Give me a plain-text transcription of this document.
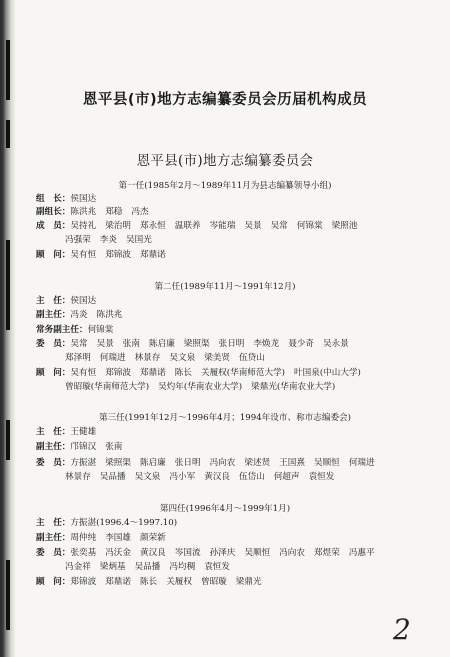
恩平县(市)地方志编纂委员会历届机构成员
恩平县(市)地方志编纂委员会
第一任(1985年2月～1989年11月为县志编纂领导小组)
组　长： 侯国达
副组长： 陈洪兆 郑稳 冯杰
成　员： 吴持礼 梁治明 郑永恒 温联养 岑能瑞 吴景 吴常 何锦棠 梁照池
冯强荣 李炎 吴国光
顾　问： 吴有恒 郑锦波 郑鼎诺
第二任(1989年11月～1991年12月)
主　任： 侯国达
副主任： 冯炎 陈洪兆
常务副主任： 何锦棠
委　员： 吴常 吴景 张南 陈启廉 梁照渠 张日明 李焕龙 聂少奇 吴永景
郑泽明 何瑞进 林景存 吴文泉 梁美贤 伍贷山
顾　问： 吴有恒 郑锦波 郑鼎诺 陈长 关履权(华南师范大学) 叶国泉(中山大学)
曾昭璇(华南师范大学) 吴灼年(华南农业大学) 梁鼎光(华南农业大学)
第三任(1991年12月～1996年4月；1994年设市、称市志编委会)
主　任： 王健雄
副主任： 邝锦汉 张南
委　员： 方振湛 梁照渠 陈启廉 张日明 冯向农 梁述贤 王国熹 吴顺恒 何瑞进
林景存 吴品播 吴文泉 冯小军 黄汉良 伍岱山 何超声 袁恒发
第四任(1996年4月～1999年1月)
主　任： 方振湛(1996.4～1997.10)
副主任： 周仲纯 李国雄 颜荣新
委　员： 张奕基 冯沃金 黄汉良 岑国流 孙泽庆 吴顺恒 冯向农 郑煜荣 冯惠平
冯金祥 梁炳基 吴品播 冯均稠 袁恒发
顾　问： 郑锦波 郑鼎诺 陈长 关履权 曾昭璇 梁鼎光
2
